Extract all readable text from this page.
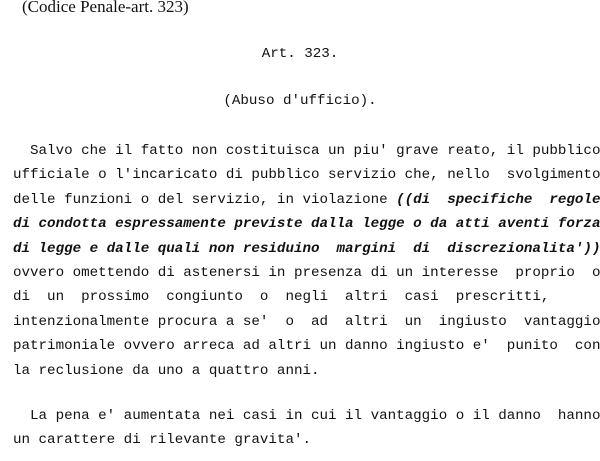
(Codice Penale-art. 323)
Art. 323.
(Abuso d'ufficio).
Salvo che il fatto non costituisca un piu' grave reato, il pubblico
ufficiale o l'incaricato di pubblico servizio che, nello  svolgimento
delle funzioni o del servizio, in violazione ((di  specifiche  regole
di condotta espressamente previste dalla legge o da atti aventi forza
di legge e dalle quali non residuino  margini  di  discrezionalita'))
ovvero omettendo di astenersi in presenza di un interesse  proprio  o
di  un  prossimo  congiunto  o  negli  altri  casi  prescritti,
intenzionalmente procura a se'  o  ad  altri  un  ingiusto  vantaggio
patrimoniale ovvero arreca ad altri un danno ingiusto e'  punito  con
la reclusione da uno a quattro anni.
La pena e' aumentata nei casi in cui il vantaggio o il danno  hanno
un carattere di rilevante gravita'.
